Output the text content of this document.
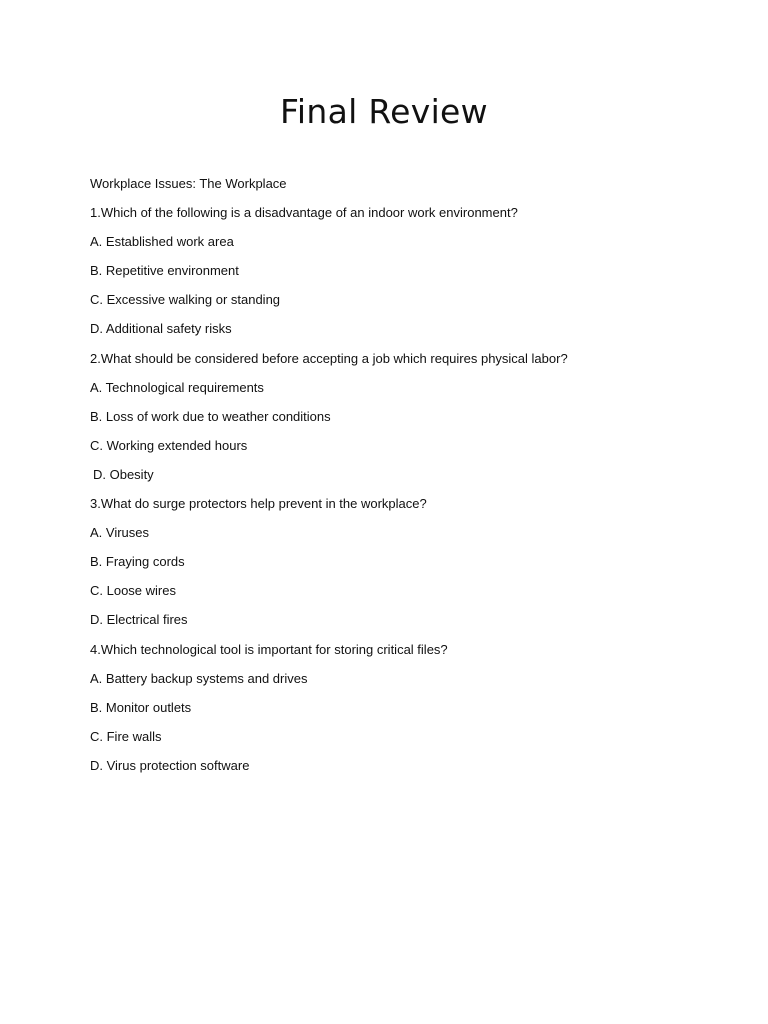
Final Review
Workplace Issues: The Workplace
1.Which of the following is a disadvantage of an indoor work environment?
A. Established work area
B. Repetitive environment
C. Excessive walking or standing
D. Additional safety risks
2.What should be considered before accepting a job which requires physical labor?
A. Technological requirements
B. Loss of work due to weather conditions
C. Working extended hours
D. Obesity
3.What do surge protectors help prevent in the workplace?
A. Viruses
B. Fraying cords
C. Loose wires
D. Electrical fires
4.Which technological tool is important for storing critical files?
A. Battery backup systems and drives
B. Monitor outlets
C. Fire walls
D. Virus protection software
